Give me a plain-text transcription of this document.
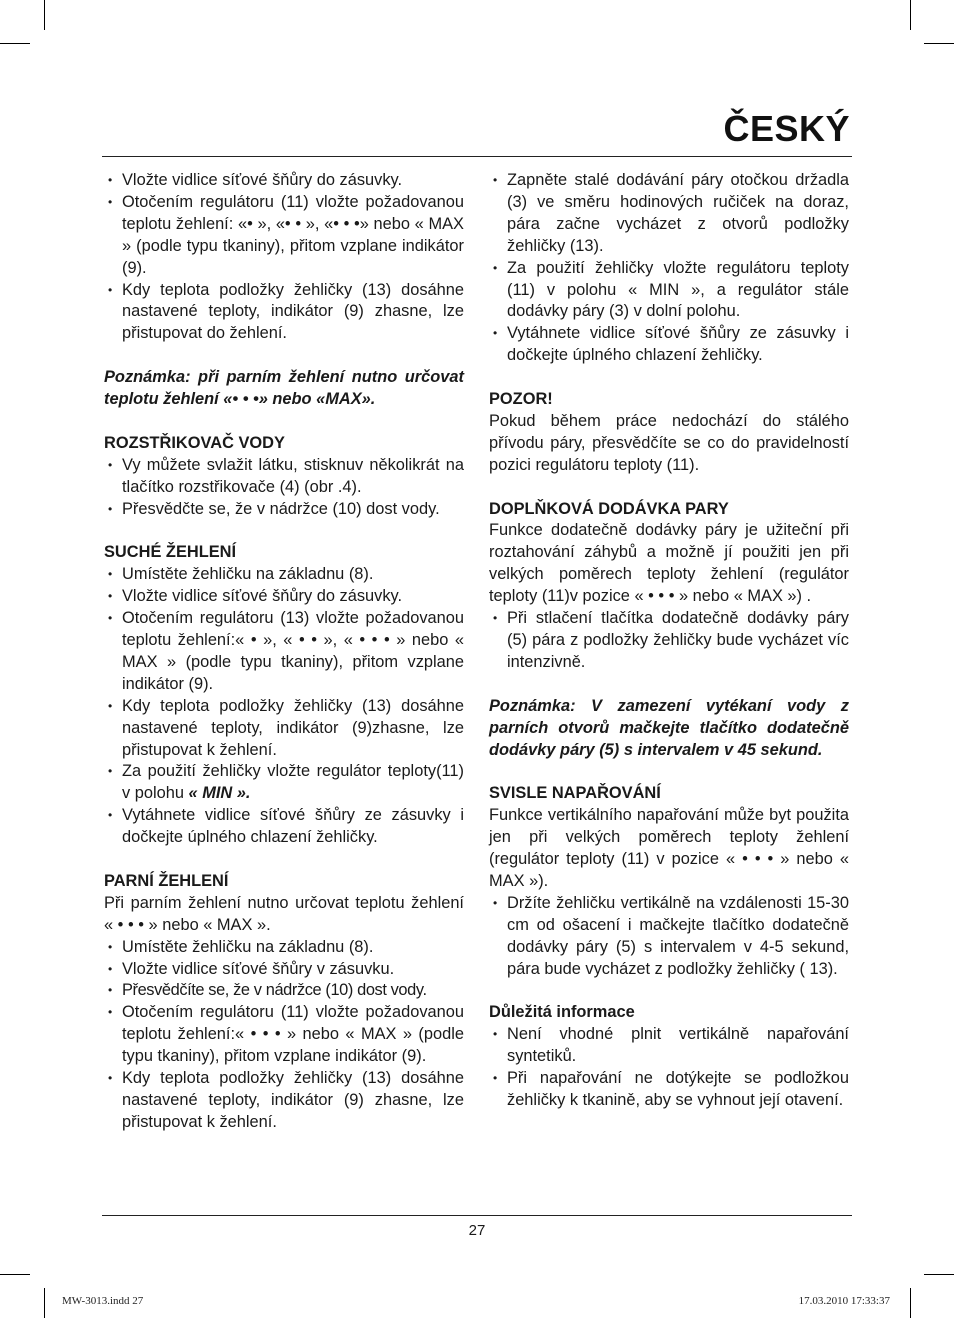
ČESKÝ
• Vložte vidlice síťové šňůry do zásuvky.
• Otočením regulátoru (11) vložte požadovanou teplotu žehlení: «• », «• • », «• • •» nebo « MAX » (podle typu tkaniny), přitom vzplane indikátor (9).
• Kdy teplota podložky žehličky (13) dosáhne nastavené teploty, indikátor (9) zhasne, lze přistupovat do žehlení.
Poznámka: při parním žehlení nutno určovat teplotu žehlení «• • •» nebo «MAX».
ROZSTŘIKOVAČ VODY
• Vy můžete svlažit látku, stisknuv několikrát na tlačítko rozstřikovače (4) (obr .4).
• Přesvědčte se, že v nádržce (10) dost vody.
SUCHÉ ŽEHLENÍ
• Umístěte žehličku na základnu (8).
• Vložte vidlice síťové šňůry do zásuvky.
• Otočením regulátoru (13) vložte požadovanou teplotu žehlení:« • », « • • », « • • • » nebo « MAX » (podle typu tkaniny), přitom vzplane indikátor (9).
• Kdy teplota podložky žehličky (13) dosáhne nastavené teploty, indikátor (9)zhasne, lze přistupovat k žehlení.
• Za použití žehličky vložte regulátor teploty(11) v polohu « MIN ».
• Vytáhnete vidlice síťové šňůry ze zásuvky i dočkejte úplného chlazení žehličky.
PARNÍ ŽEHLENÍ

Při parním žehlení nutno určovat teplotu žehlení « • • • » nebo « MAX ».

• Umístěte žehličku na základnu (8).
• Vložte vidlice síťové šňůry v zásuvku.
• Přesvědčíte se, že v nádržce (10) dost vody.
• Otočením regulátoru (11) vložte požadovanou teplotu žehlení:« • • • » nebo « MAX » (podle typu tkaniny), přitom vzplane indikátor (9).
• Kdy teplota podložky žehličky (13) dosáhne nastavené teploty, indikátor (9) zhasne, lze přistupovat k žehlení.
• Zapněte stalé dodávání páry otočkou držadla (3) ve směru hodinových ručiček na doraz, pára začne vycházet z otvorů podložky žehličky (13).
• Za použití žehličky vložte regulátoru teploty (11) v polohu « MIN », a regulátor stále dodávky páry (3) v dolní polohu.
• Vytáhnete vidlice síťové šňůry ze zásuvky i dočkejte úplného chlazení žehličky.
POZOR!

Pokud během práce nedochází do stálého přívodu páry, přesvědčíte se co do pravidelností pozici regulátoru teploty (11).

DOPLŇKOVÁ DODÁVKA PARY

Funkce dodatečně dodávky páry je užiteční při roztahování záhybů a možně jí použiti jen při velkých poměrech teploty žehlení (regulátor teploty (11)v pozice « • • • » nebo « MAX ») .

• Při stlačení tlačítka dodatečně dodávky páry (5) pára z podložky žehličky bude vycházet víc intenzivně.
Poznámka: V zamezení vytékaní vody z parních otvorů mačkejte tlačítko dodatečně dodávky páry (5) s intervalem v 45 sekund.
SVISLE NAPAŘOVÁNÍ

Funkce vertikálního napařování může byt použita jen při velkých poměrech teploty žehlení (regulátor teploty (11) v pozice « • • • » nebo « MAX »).

• Držíte žehličku vertikálně na vzdálenosti 15-30 cm od ošacení i mačkejte tlačítko dodatečně dodávky páry (5) s intervalem v 4-5 sekund, pára bude vycházet z podložky žehličky ( 13).
Důležitá informace
• Není vhodné plnit vertikálně napařování syntetiků.
• Při napařování ne dotýkejte se podložkou žehličky k tkanině, aby se vyhnout její otavení.
27
MW-3013.indd 27	17.03.2010 17:33:37
